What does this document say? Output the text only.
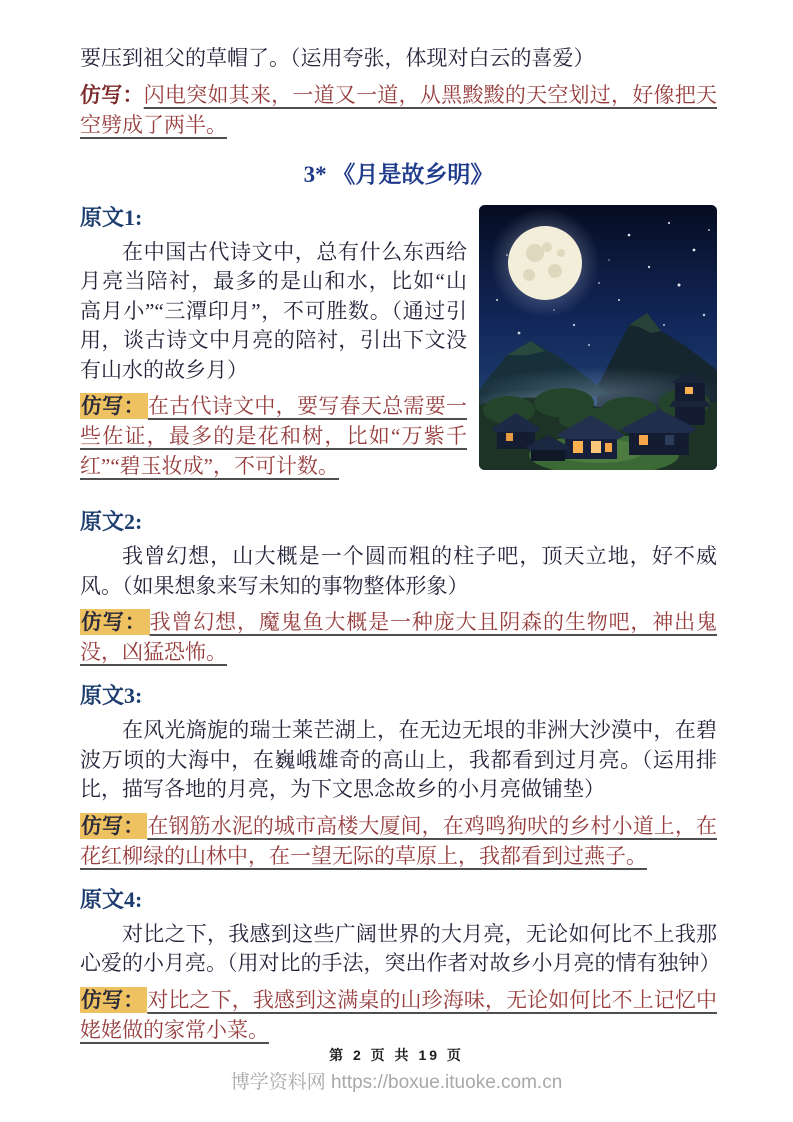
要压到祖父的草帽了。（运用夸张，体现对白云的喜爱）

仿写：闪电突如其来，一道又一道，从黑黢黢的天空划过，好像把天空劈成了两半。

3* 《月是故乡明》
原文1:

在中国古代诗文中，总有什么东西给月亮当陪衬，最多的是山和水，比如“山高月小”“三潭印月”，不可胜数。（通过引用，谈古诗文中月亮的陪衬，引出下文没有山水的故乡月）

仿写： 在古代诗文中，要写春天总需要一些佐证，最多的是花和树，比如“万紫千红”“碧玉妆成”，不可计数。

原文2:

我曾幻想，山大概是一个圆而粗的柱子吧，顶天立地，好不威风。（如果想象来写未知的事物整体形象）

仿写： 我曾幻想，魔鬼鱼大概是一种庞大且阴森的生物吧，神出鬼没，凶猛恐怖。

原文3:

在风光旖旎的瑞士莱芒湖上，在无边无垠的非洲大沙漠中，在碧波万顷的大海中，在巍峨雄奇的高山上，我都看到过月亮。（运用排比，描写各地的月亮，为下文思念故乡的小月亮做铺垫）

仿写： 在钢筋水泥的城市高楼大厦间，在鸡鸣狗吠的乡村小道上，在花红柳绿的山林中，在一望无际的草原上，我都看到过燕子。

原文4:

对比之下，我感到这些广阔世界的大月亮，无论如何比不上我那心爱的小月亮。（用对比的手法，突出作者对故乡小月亮的情有独钟）

仿写： 对比之下，我感到这满桌的山珍海味，无论如何比不上记忆中姥姥做的家常小菜。

第 2 页 共 19 页
博学资料网 https://boxue.ituoke.com.cn
